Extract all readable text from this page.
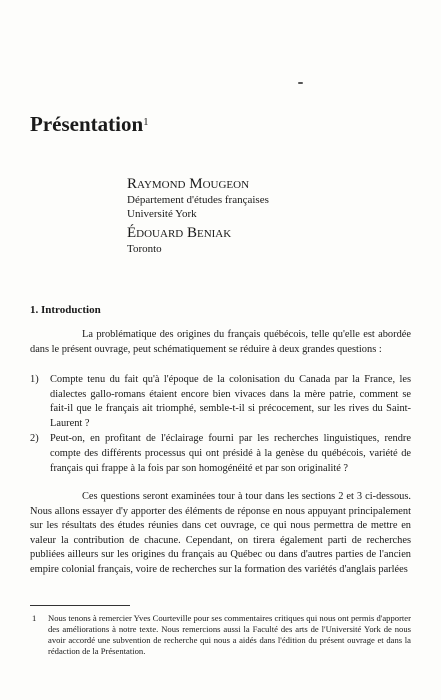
Présentation$^1$
Raymond Mougeon
Département d'études françaises
Université York
Édouard Beniak
Toronto
1. Introduction

La problématique des origines du français québécois, telle qu'elle est abordée dans le présent ouvrage, peut schématiquement se réduire à deux grandes questions :

1)	Compte tenu du fait qu'à l'époque de la colonisation du Canada par la France, les dialectes gallo-romans étaient encore bien vivaces dans la mère patrie, comment se fait-il que le français ait triomphé, semble-t-il si précocement, sur les rives du Saint-Laurent ?
2)	Peut-on, en profitant de l'éclairage fourni par les recherches linguistiques, rendre compte des différents processus qui ont présidé à la genèse du québécois, variété de français qui frappe à la fois par son homogénéité et par son originalité ?

Ces questions seront examinées tour à tour dans les sections 2 et 3 ci-dessous. Nous allons essayer d'y apporter des éléments de réponse en nous appuyant principalement sur les résultats des études réunies dans cet ouvrage, ce qui nous permettra de mettre en valeur la contribution de chacune. Cependant, on tirera également parti de recherches publiées ailleurs sur les origines du français au Québec ou dans d'autres parties de l'ancien empire colonial français, voire de recherches sur la formation des variétés d'anglais parlées

1	Nous tenons à remercier Yves Courteville pour ses commentaires critiques qui nous ont permis d'apporter des améliorations à notre texte. Nous remercions aussi la Faculté des arts de l'Université York de nous avoir accordé une subvention de recherche qui nous a aidés dans l'édition du présent ouvrage et dans la rédaction de la Présentation.
